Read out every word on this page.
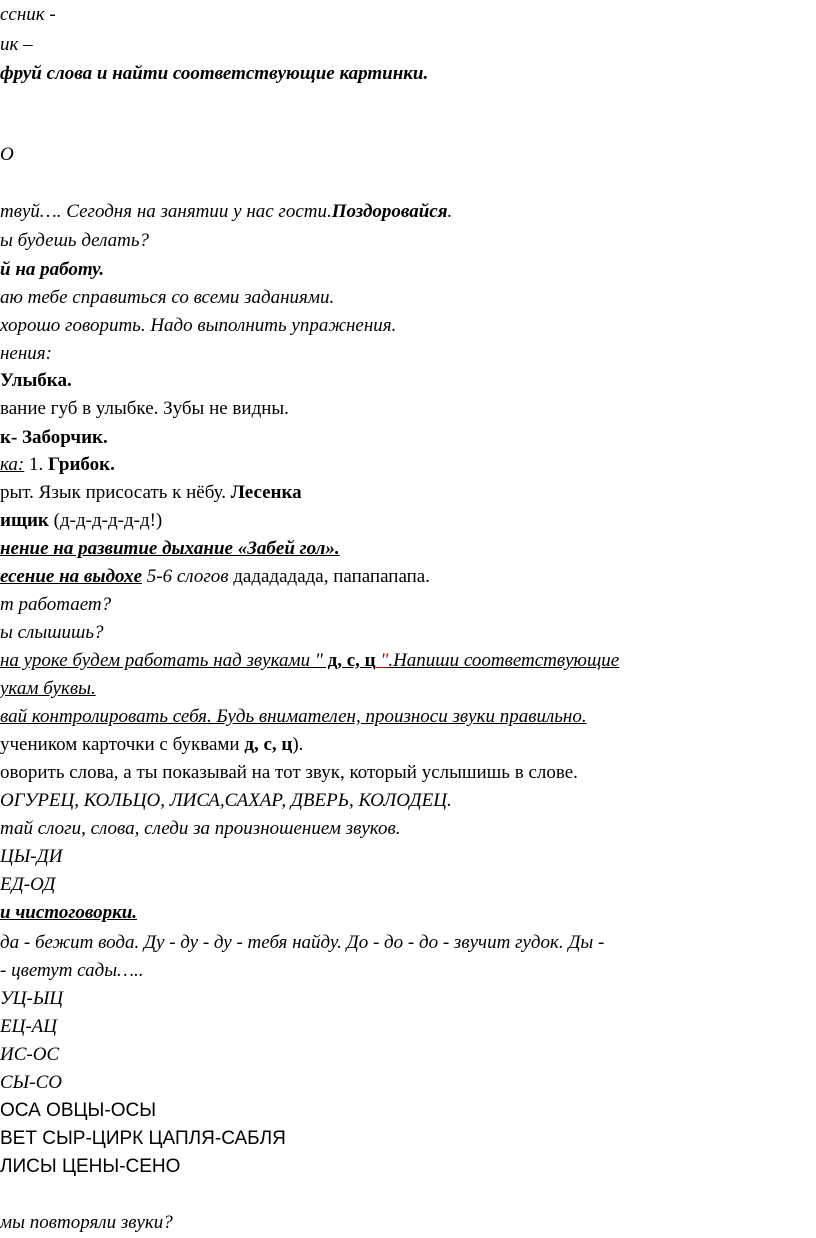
ссник -
ик –
фруй слова и найти соответствующие картинки.
О
твуй…. Сегодня на занятии у нас гости.Поздоровайся.
ы будешь делать?
й на работу.
аю тебе справиться со всеми заданиями.
хорошо говорить. Надо выполнить упражнения.
нения:
Улыбка.
вание губ в улыбке. Зубы не видны.
к- Заборчик.
ка: 1. Грибок.
рыт. Язык присосать к нёбу. Лесенка
ищик (д-д-д-д-д-д!)
нение на развитие дыхание «Забей гол».
есение на выдохе 5-6 слогов дадададада, папапапапа.
т работает?
ы слышишь?
на уроке будем работать над звуками " д, с, ц ".Напиши соответствующие
укам буквы.
вай контролировать себя. Будь внимателен, произноси звуки правильно.
учеником карточки с буквами д, с, ц).
оворить слова, а ты показывай на тот звук, который услышишь в слове.
ОГУРЕЦ, КОЛЬЦО, ЛИСА,САХАР, ДВЕРЬ, КОЛОДЕЦ.
тай слоги, слова, следи за произношением звуков.
ЦЫ-ДИ
ЕД-ОД
и чистоговорки.
да - бежит вода. Ду - ду - ду - тебя найду. До - до - до - звучит гудок. Ды -
- цветут сады…..
УЦ-ЫЦ
ЕЦ-АЦ
ИС-ОС
СЫ-СО
ОСА ОВЦЫ-ОСЫ
ВЕТ СЫР-ЦИРК ЦАПЛЯ-САБЛЯ
ЛИСЫ ЦЕНЫ-СЕНО
мы повторяли звуки?
